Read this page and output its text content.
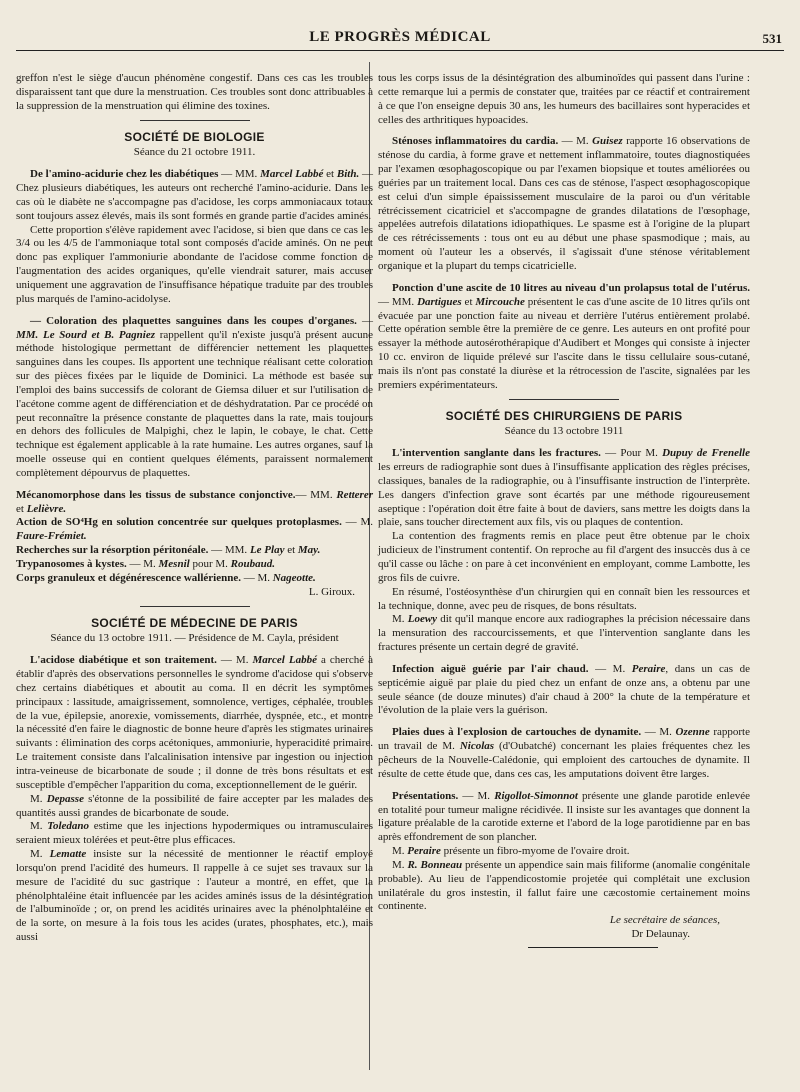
LE PROGRÈS MÉDICAL	531

greffon n'est le siège d'aucun phénomène congestif. Dans ces cas les troubles disparaissent tant que dure la menstruation. Ces troubles sont donc attribuables à la suppression de la menstruation qui élimine des toxines.

SOCIÉTÉ DE BIOLOGIE

Séance du 21 octobre 1911.

De l'amino-acidurie chez les diabétiques — MM. Marcel Labbé et Bith. — Chez plusieurs diabétiques, les auteurs ont recherché l'amino-acidurie. Dans les cas où le diabète ne s'accompagne pas d'acidose, les corps ammoniacaux totaux sont toujours assez élevés, mais ils sont formés en grande partie d'acides aminés.

Cette proportion s'élève rapidement avec l'acidose, si bien que dans ce cas les 3/4 ou les 4/5 de l'ammoniaque total sont composés d'acide aminés. On ne peut donc pas expliquer l'ammoniurie abondante de l'acidose comme fonction de l'augmentation des acides organiques, qu'elle viendrait saturer, mais accuser uniquement une aggravation de l'insuffisance hépatique traduite par des troubles plus marqués de l'amino-acidolyse.

— Coloration des plaquettes sanguines dans les coupes d'organes. — MM. Le Sourd et B. Pagniez rappellent qu'il n'existe jusqu'à présent aucune méthode histologique permettant de différencier nettement les plaquettes sanguines dans les coupes. Ils apportent une technique réalisant cette coloration sur des pièces fixées par le liquide de Dominici. La méthode est basée sur l'emploi des bains successifs de colorant de Giemsa diluer et sur l'utilisation de l'acétone comme agent de différenciation et de déshydratation. Par ce procédé on peut reconnaître la présence constante de plaquettes dans la rate, mais toujours en dehors des follicules de Malpighi, chez le lapin, le cobaye, le chat. Cette technique est également applicable à la rate humaine. Les autres organes, sauf la moelle osseuse qui en contient quelques éléments, paraissent normalement complètement dépourvus de plaquettes.

Mécanomorphose dans les tissus de substance conjonctive.— MM. Retterer et Lelièvre.

Action de SO⁴Hg en solution concentrée sur quelques protoplasmes. — M. Faure-Frémiet.

Recherches sur la résorption péritonéale. — MM. Le Play et May.

Trypanosomes à kystes. — M. Mesnil pour M. Roubaud.

Corps granuleux et dégénérescence wallérienne. — M. Nageotte.

L. Giroux.

SOCIÉTÉ DE MÉDECINE DE PARIS

Séance du 13 octobre 1911. — Présidence de M. Cayla, président

L'acidose diabétique et son traitement. — M. Marcel Labbé a cherché à établir d'après des observations personnelles le syndrome d'acidose qui s'observe chez certains diabétiques et aboutit au coma. Il en décrit les symptômes principaux : lassitude, amaigrissement, somnolence, vertiges, céphalée, troubles de la vue, épilepsie, anorexie, vomissements, diarrhée, dyspnée, etc., et montre la nécessité d'en faire le diagnostic de bonne heure d'après les stigmates urinaires suivants : élimination des corps acétoniques, ammoniurie, hyperacidité primaire. Le traitement consiste dans l'alcalinisation intensive par ingestion ou injection intra-veineuse de bicarbonate de soude ; il donne de très bons résultats et est susceptible d'empêcher l'apparition du coma, exceptionnellement de le guérir.

M. Depasse s'étonne de la possibilité de faire accepter par les malades des quantités aussi grandes de bicarbonate de soude.

M. Toledano estime que les injections hypodermiques ou intramusculaires seraient mieux tolérées et peut-être plus efficaces.

M. Lematte insiste sur la nécessité de mentionner le réactif employé lorsqu'on prend l'acidité des humeurs. Il rappelle à ce sujet ses travaux sur la mesure de l'acidité du suc gastrique : l'auteur a montré, en effet, que la phénolphtaléine était influencée par les acides aminés issus de la désintégration de l'albuminoïde ; or, on prend les acidités urinaires avec la phénolphtaléine et de la sorte, on mesure à la fois tous les acides (urates, phosphates, etc.), mais aussi

tous les corps issus de la désintégration des albuminoïdes qui passent dans l'urine : cette remarque lui a permis de constater que, traitées par ce réactif et contrairement à ce que l'on enseigne depuis 30 ans, les humeurs des bacillaires sont hyperacides et celles des arthritiques hypoacides.

Sténoses inflammatoires du cardia. — M. Guisez rapporte 16 observations de sténose du cardia, à forme grave et nettement inflammatoire, toutes diagnostiquées par l'examen œsophagoscopique ou par l'examen biopsique et toutes améliorées ou guéries par un traitement local. Dans ces cas de sténose, l'aspect œsophagoscopique est celui d'un simple épaississement musculaire de la paroi ou d'un véritable rétrécissement cicatriciel et s'accompagne de grandes dilatations de l'œsophage, appelées autrefois dilatations idiopathiques. Le spasme est à l'origine de la plupart de ces rétrécissements : tous ont eu au début une phase spasmodique ; mais, au moment où l'auteur les a observés, il s'agissait d'une sténose véritablement organique et la plupart du temps cicatricielle.

Ponction d'une ascite de 10 litres au niveau d'un prolapsus total de l'utérus. — MM. Dartigues et Mircouche présentent le cas d'une ascite de 10 litres qu'ils ont évacuée par une ponction faite au niveau et derrière l'utérus entièrement prolabé. Cette opération semble être la première de ce genre. Les auteurs en ont profité pour essayer la méthode autosérothérapique d'Audibert et Monges qui consiste à injecter 10 cc. environ de liquide prélevé sur l'ascite dans le tissu cellulaire sous-cutané, mais ils n'ont pas constaté la diurèse et la rétrocession de l'ascite, signalées par les premiers expérimentateurs.

SOCIÉTÉ DES CHIRURGIENS DE PARIS

Séance du 13 octobre 1911

L'intervention sanglante dans les fractures. — Pour M. Dupuy de Frenelle les erreurs de radiographie sont dues à l'insuffisante application des règles précises, classiques, banales de la radiographie, ou à l'insuffisante instruction de l'interprète. Les dangers d'infection grave sont écartés par une méthode rigoureusement aseptique : l'opération doit être faite à bout de daviers, sans mettre les doigts dans la plaie, sans toucher directement aux fils, vis ou plaques de contention.

La contention des fragments remis en place peut être obtenue par le choix judicieux de l'instrument contentif. On reproche au fil d'argent des insuccès dus à ce qu'il casse ou lâche : on pare à cet inconvénient en employant, comme Lambotte, les gros fils de cuivre.

En résumé, l'ostéosynthèse d'un chirurgien qui en connaît bien les ressources et la technique, donne, avec peu de risques, de bons résultats.

M. Loewy dit qu'il manque encore aux radiographes la précision nécessaire dans la mensuration des raccourcissements, et que l'intervention sanglante dans les fractures présente un certain degré de gravité.

Infection aiguë guérie par l'air chaud. — M. Peraire, dans un cas de septicémie aiguë par plaie du pied chez un enfant de onze ans, a obtenu par une seule séance (de douze minutes) d'air chaud à 200° la chute de la température et l'évolution de la plaie vers la guérison.

Plaies dues à l'explosion de cartouches de dynamite. — M. Ozenne rapporte un travail de M. Nicolas (d'Oubatché) concernant les plaies fréquentes chez les pêcheurs de la Nouvelle-Calédonie, qui emploient des cartouches de dynamite. Il résulte de cette étude que, dans ces cas, les amputations doivent être larges.

Présentations. — M. Rigollot-Simonnot présente une glande parotide enlevée en totalité pour tumeur maligne récidivée. Il insiste sur les avantages que donnent la ligature préalable de la carotide externe et l'abord de la loge parotidienne par en bas après effondrement de son plancher.

M. Peraire présente un fibro-myome de l'ovaire droit.

M. R. Bonneau présente un appendice sain mais filiforme (anomalie congénitale probable). Au lieu de l'appendicostomie projetée qui complétait une exclusion unilatérale du gros instestin, il fallut faire une cæcostomie certainement moins continente.

Le secrétaire de séances,

Dr Delaunay.
